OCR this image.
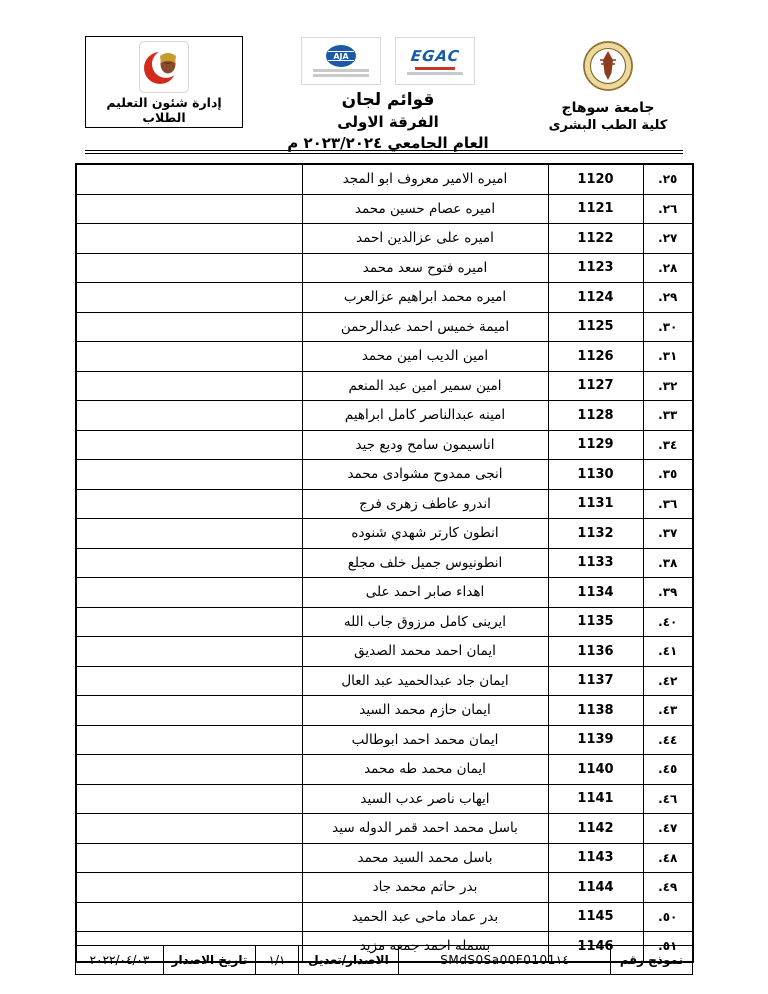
جامعة سوهاج
كلية الطب البشرى
EGAC
AJA
قوائم لجان
الفرقة الاولى
العام الجامعي ٢٠٢٣/٢٠٢٤ م
إدارة شئون التعليم الطلاب
٢٥.	1120	اميره الامير معروف ابو المجد	
٢٦.	1121	اميره عصام حسين محمد	
٢٧.	1122	اميره على عزالدين احمد	
٢٨.	1123	اميره فتوح سعد محمد	
٢٩.	1124	اميره محمد ابراهيم عزالعرب	
٣٠.	1125	اميمة خميس احمد عبدالرحمن	
٣١.	1126	امين الديب امين محمد	
٣٢.	1127	امين سمير امين عبد المنعم	
٣٣.	1128	امينه عبدالناصر كامل ابراهيم	
٣٤.	1129	اناسيمون سامح وديع جيد	
٣٥.	1130	انجى ممدوح مشوادى محمد	
٣٦.	1131	اندرو عاطف زهرى فرج	
٣٧.	1132	انطون كارتر شهدي شنوده	
٣٨.	1133	انطونيوس جميل خلف مجلع	
٣٩.	1134	اهداء صابر احمد على	
٤٠.	1135	ايرينى كامل مرزوق جاب الله	
٤١.	1136	ايمان احمد محمد الصديق	
٤٢.	1137	ايمان جاد عبدالحميد عبد العال	
٤٣.	1138	ايمان حازم محمد السيد	
٤٤.	1139	ايمان محمد احمد ابوطالب	
٤٥.	1140	ايمان محمد طه محمد	
٤٦.	1141	ايهاب ناصر عدب السيد	
٤٧.	1142	باسل محمد احمد قمر الدوله سيد	
٤٨.	1143	باسل محمد السيد محمد	
٤٩.	1144	بدر حاتم محمد جاد	
٥٠.	1145	بدر عماد ماحى عبد الحميد	
٥١.	1146	بسمله احمد جمعه مزيد	
نموذج رقم	SMdS0Sa00F0101١٤	الاصدار/تعديل	١/١	تاريخ الاصدار	٢٠٢٢/٠٤/٠٣
